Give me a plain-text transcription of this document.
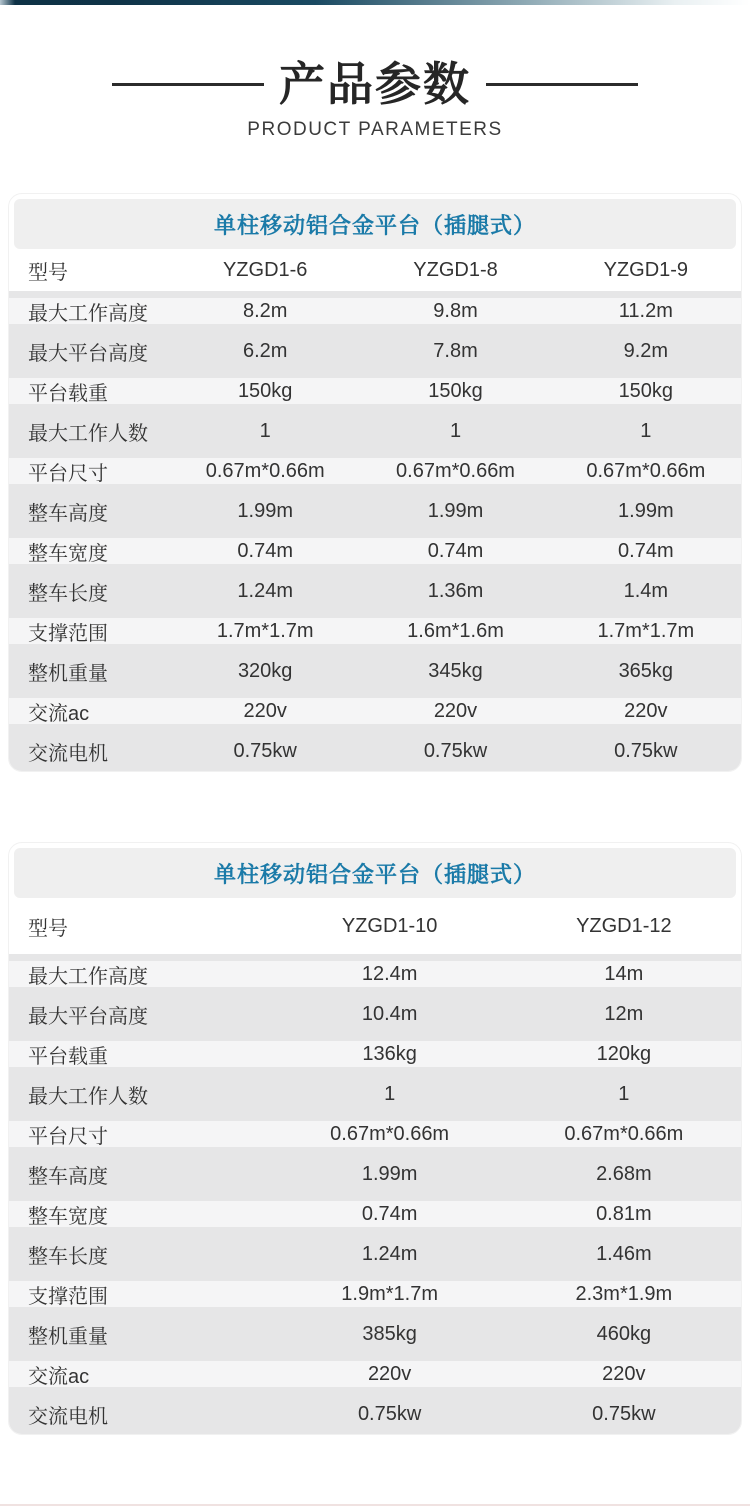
产品参数
PRODUCT PARAMETERS
单柱移动铝合金平台（插腿式）
型号	YZGD1-6	YZGD1-8	YZGD1-9
最大工作高度	8.2m	9.8m	11.2m
最大平台高度	6.2m	7.8m	9.2m
平台载重	150kg	150kg	150kg
最大工作人数	1	1	1
平台尺寸	0.67m*0.66m	0.67m*0.66m	0.67m*0.66m
整车高度	1.99m	1.99m	1.99m
整车宽度	0.74m	0.74m	0.74m
整车长度	1.24m	1.36m	1.4m
支撑范围	1.7m*1.7m	1.6m*1.6m	1.7m*1.7m
整机重量	320kg	345kg	365kg
交流ac	220v	220v	220v
交流电机	0.75kw	0.75kw	0.75kw
单柱移动铝合金平台（插腿式）
型号	YZGD1-10	YZGD1-12
最大工作高度	12.4m	14m
最大平台高度	10.4m	12m
平台载重	136kg	120kg
最大工作人数	1	1
平台尺寸	0.67m*0.66m	0.67m*0.66m
整车高度	1.99m	2.68m
整车宽度	0.74m	0.81m
整车长度	1.24m	1.46m
支撑范围	1.9m*1.7m	2.3m*1.9m
整机重量	385kg	460kg
交流ac	220v	220v
交流电机	0.75kw	0.75kw
